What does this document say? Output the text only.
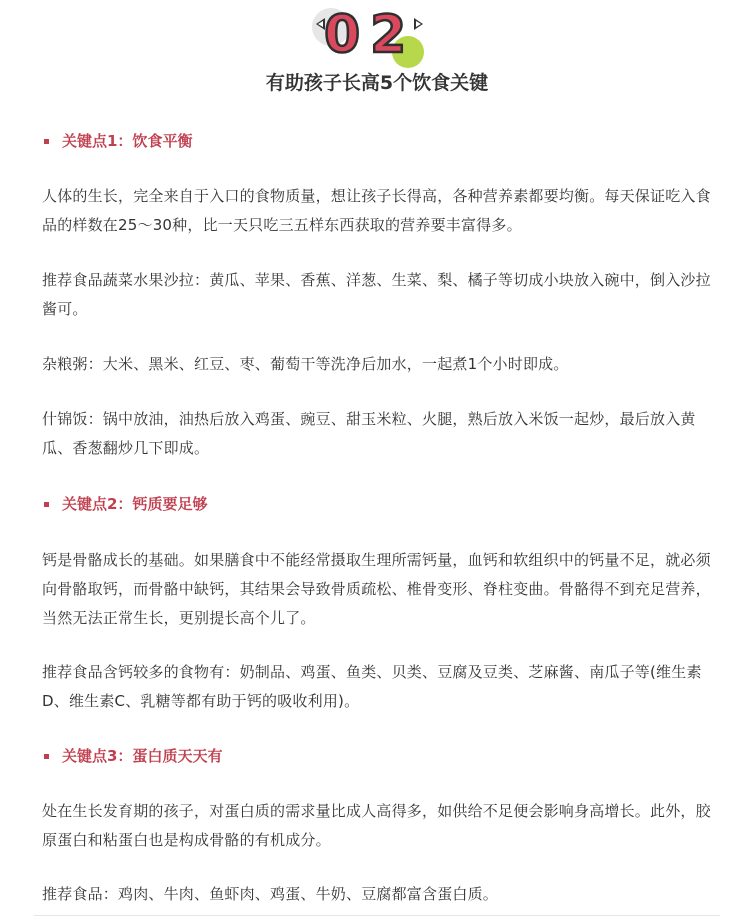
02
有助孩子长高5个饮食关键
关键点1：饮食平衡

人体的生长，完全来自于入口的食物质量，想让孩子长得高，各种营养素都要均衡。每天保证吃入食品的样数在25～30种，比一天只吃三五样东西获取的营养要丰富得多。

推荐食品蔬菜水果沙拉：黄瓜、苹果、香蕉、洋葱、生菜、梨、橘子等切成小块放入碗中，倒入沙拉酱可。

杂粮粥：大米、黑米、红豆、枣、葡萄干等洗净后加水，一起煮1个小时即成。

什锦饭：锅中放油，油热后放入鸡蛋、豌豆、甜玉米粒、火腿，熟后放入米饭一起炒，最后放入黄瓜、香葱翻炒几下即成。

关键点2：钙质要足够

钙是骨骼成长的基础。如果膳食中不能经常摄取生理所需钙量，血钙和软组织中的钙量不足，就必须向骨骼取钙，而骨骼中缺钙，其结果会导致骨质疏松、椎骨变形、脊柱变曲。骨骼得不到充足营养，当然无法正常生长，更别提长高个儿了。

推荐食品含钙较多的食物有：奶制品、鸡蛋、鱼类、贝类、豆腐及豆类、芝麻酱、南瓜子等(维生素D、维生素C、乳糖等都有助于钙的吸收利用)。

关键点3：蛋白质天天有

处在生长发育期的孩子，对蛋白质的需求量比成人高得多，如供给不足便会影响身高增长。此外，胶原蛋白和粘蛋白也是构成骨骼的有机成分。

推荐食品：鸡肉、牛肉、鱼虾肉、鸡蛋、牛奶、豆腐都富含蛋白质。
